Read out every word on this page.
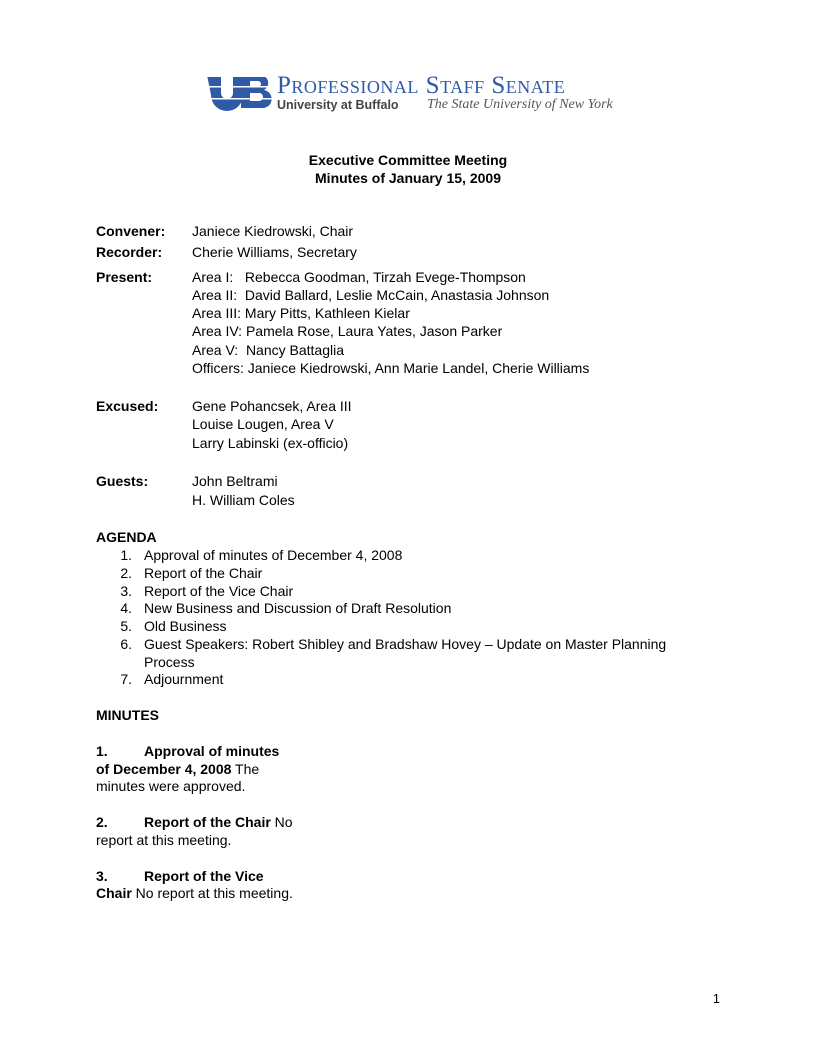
Professional Staff Senate
University at Buffalo The State University of New York
Executive Committee Meeting
Minutes of January 15, 2009
Convener: Janiece Kiedrowski, Chair
Recorder: Cherie Williams, Secretary
Present:	Area I:   Rebecca Goodman, Tirzah Evege-Thompson
Area II:  David Ballard, Leslie McCain, Anastasia Johnson
Area III: Mary Pitts, Kathleen Kielar
Area IV: Pamela Rose, Laura Yates, Jason Parker
Area V:  Nancy Battaglia
Officers: Janiece Kiedrowski, Ann Marie Landel, Cherie Williams
Excused: Gene Pohancsek, Area III
Louise Lougen, Area V
Larry Labinski (ex-officio)
Guests:	John Beltrami
H. William Coles
AGENDA
1. Approval of minutes of December 4, 2008
2. Report of the Chair
3. Report of the Vice Chair
4. New Business and Discussion of Draft Resolution
5. Old Business
6. Guest Speakers: Robert Shibley and Bradshaw Hovey – Update on Master Planning
Process
7. Adjournment
MINUTES
1.	Approval of minutes
of December 4, 2008 The
minutes were approved.
2.	Report of the Chair No
report at this meeting.
3.	Report of the Vice
Chair No report at this meeting.
1
